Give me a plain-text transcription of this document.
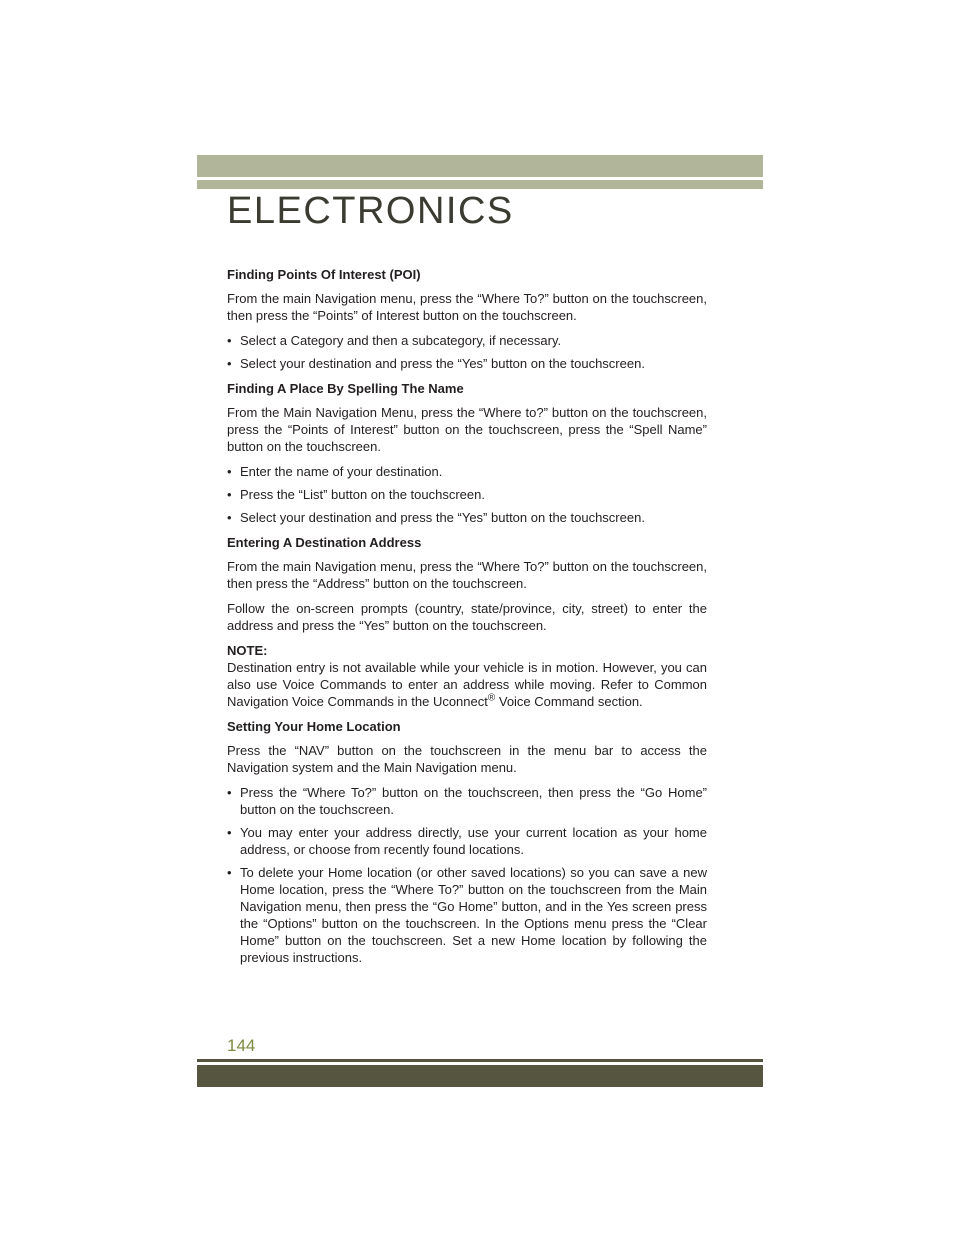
ELECTRONICS
Finding Points Of Interest (POI)

From the main Navigation menu, press the “Where To?” button on the touchscreen, then press the “Points” of Interest button on the touchscreen.

• Select a Category and then a subcategory, if necessary.
• Select your destination and press the “Yes” button on the touchscreen.
Finding A Place By Spelling The Name

From the Main Navigation Menu, press the “Where to?” button on the touchscreen, press the “Points of Interest” button on the touchscreen, press the “Spell Name” button on the touchscreen.

• Enter the name of your destination.
• Press the “List” button on the touchscreen.
• Select your destination and press the “Yes” button on the touchscreen.
Entering A Destination Address

From the main Navigation menu, press the “Where To?” button on the touchscreen, then press the “Address” button on the touchscreen.

Follow the on-screen prompts (country, state/province, city, street) to enter the address and press the “Yes” button on the touchscreen.

NOTE:

Destination entry is not available while your vehicle is in motion. However, you can also use Voice Commands to enter an address while moving. Refer to Common Navigation Voice Commands in the Uconnect® Voice Command section.

Setting Your Home Location

Press the “NAV” button on the touchscreen in the menu bar to access the Navigation system and the Main Navigation menu.

• Press the “Where To?” button on the touchscreen, then press the “Go Home” button on the touchscreen.
• You may enter your address directly, use your current location as your home address, or choose from recently found locations.
• To delete your Home location (or other saved locations) so you can save a new Home location, press the “Where To?” button on the touchscreen from the Main Navigation menu, then press the “Go Home” button, and in the Yes screen press the “Options” button on the touchscreen. In the Options menu press the “Clear Home” button on the touchscreen. Set a new Home location by following the previous instructions.
144
